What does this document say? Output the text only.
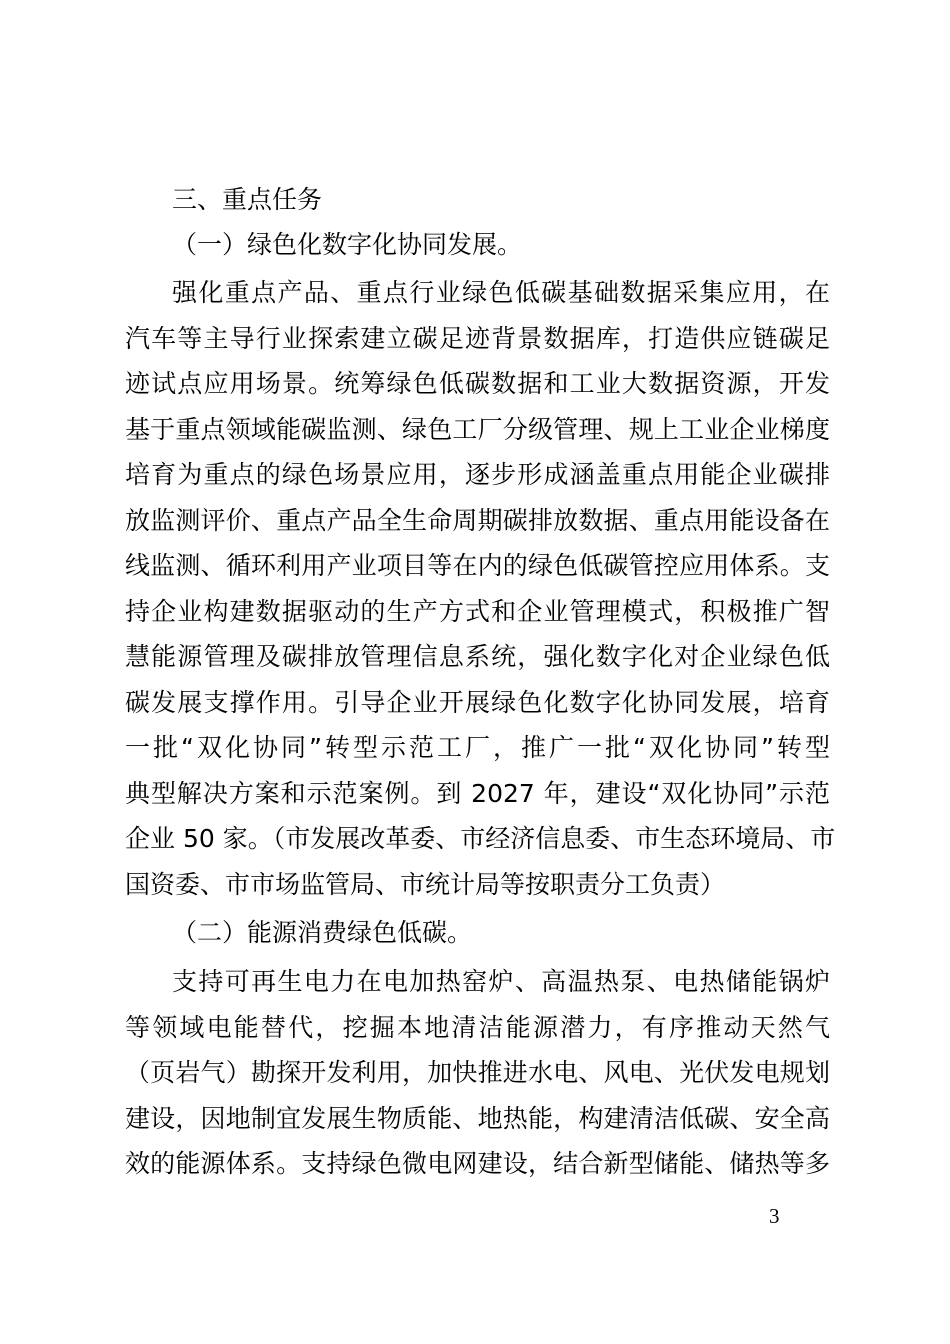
三、重点任务
（一）绿色化数字化协同发展。
强化重点产品、重点行业绿色低碳基础数据采集应用，在
汽车等主导行业探索建立碳足迹背景数据库，打造供应链碳足
迹试点应用场景。统筹绿色低碳数据和工业大数据资源，开发
基于重点领域能碳监测、绿色工厂分级管理、规上工业企业梯度
培育为重点的绿色场景应用，逐步形成涵盖重点用能企业碳排
放监测评价、重点产品全生命周期碳排放数据、重点用能设备在
线监测、循环利用产业项目等在内的绿色低碳管控应用体系。支
持企业构建数据驱动的生产方式和企业管理模式，积极推广智
慧能源管理及碳排放管理信息系统，强化数字化对企业绿色低
碳发展支撑作用。引导企业开展绿色化数字化协同发展，培育
一批“双化协同”转型示范工厂，推广一批“双化协同”转型
典型解决方案和示范案例。到 2027 年，建设“双化协同”示范
企业 50 家。（市发展改革委、市经济信息委、市生态环境局、市
国资委、市市场监管局、市统计局等按职责分工负责）
（二）能源消费绿色低碳。
支持可再生电力在电加热窑炉、高温热泵、电热储能锅炉
等领域电能替代，挖掘本地清洁能源潜力，有序推动天然气
（页岩气）勘探开发利用，加快推进水电、风电、光伏发电规划
建设，因地制宜发展生物质能、地热能，构建清洁低碳、安全高
效的能源体系。支持绿色微电网建设，结合新型储能、储热等多
3
